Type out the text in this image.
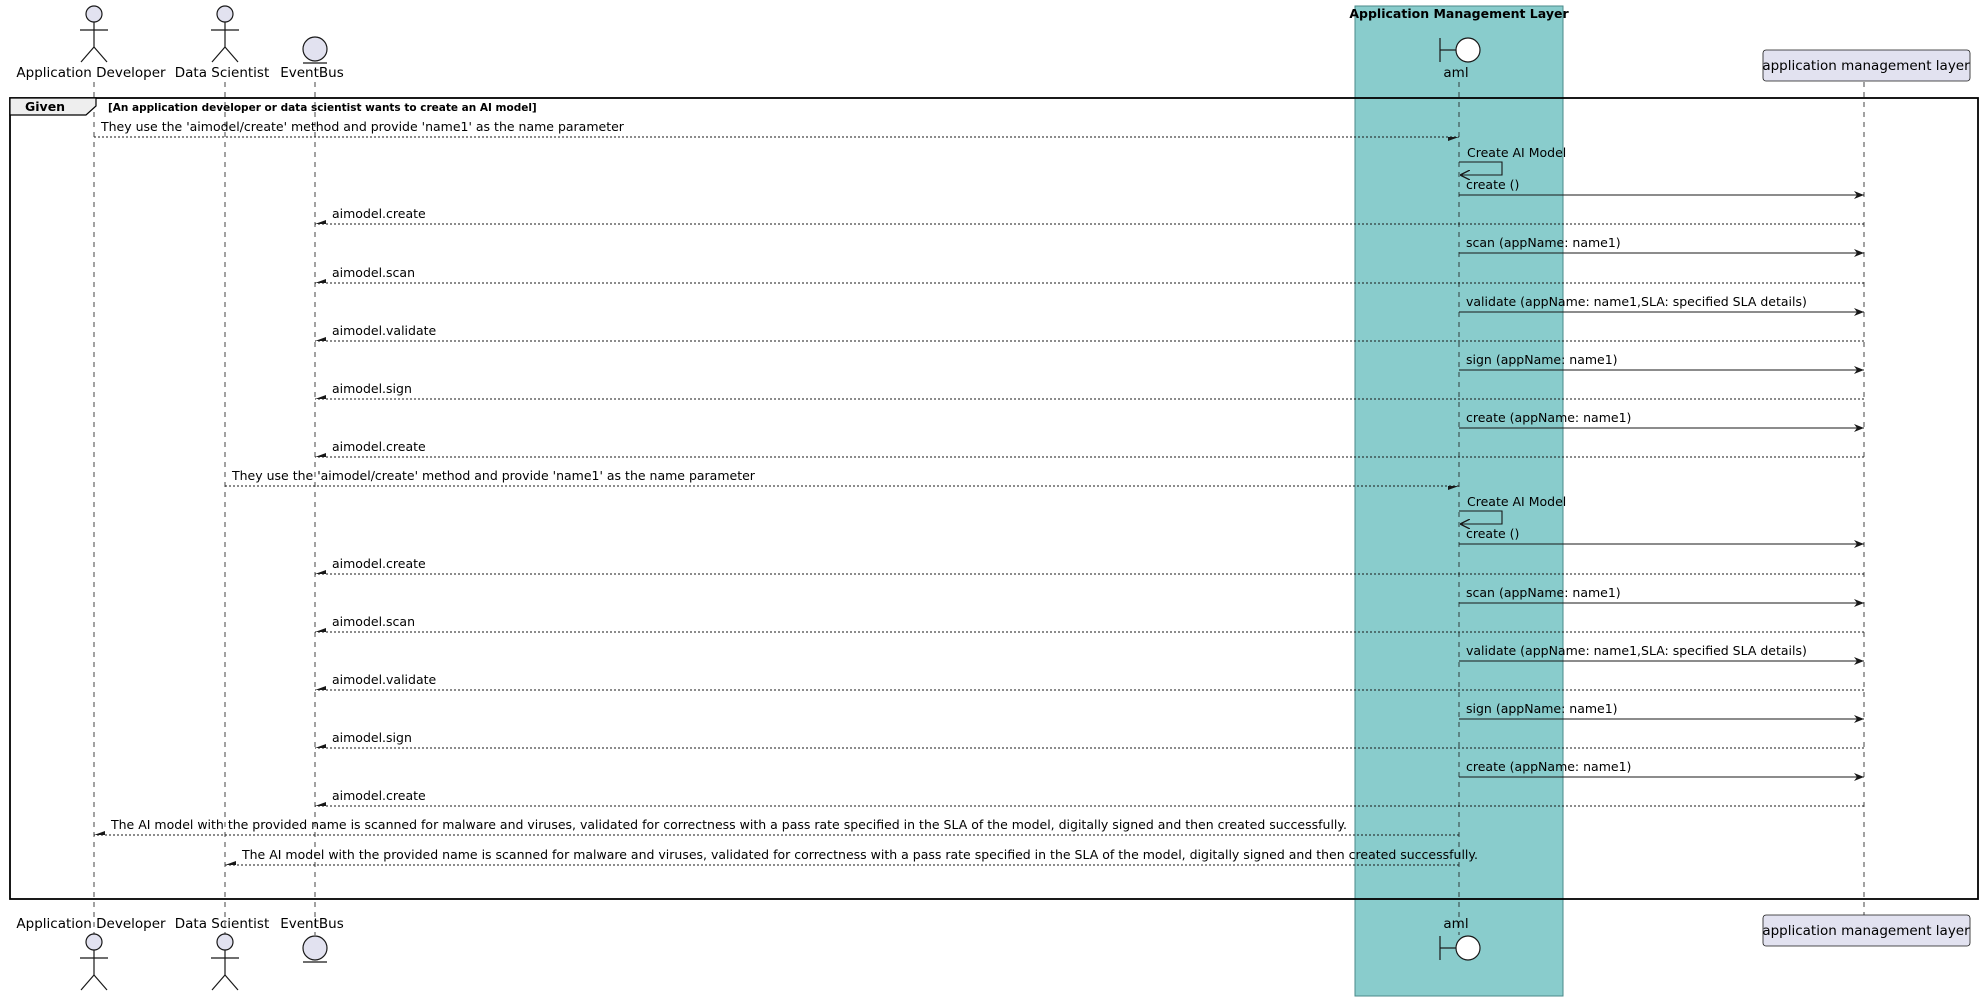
Application Management Layer
Application Developer Data Scientist EventBus	aml	application management layer
Given	[An application developer or data scientist wants to create an AI model]
They use the 'aimodel/create' method and provide 'name1' as the name parameter
Create AI Model
create ()
aimodel.create
scan (appName: name1)
aimodel.scan
validate (appName: name1,SLA: specified SLA details)
aimodel.validate
sign (appName: name1)
aimodel.sign
create (appName: name1)
aimodel.create
They use the 'aimodel/create' method and provide 'name1' as the name parameter
Create AI Model
create ()
aimodel.create
scan (appName: name1)
aimodel.scan
validate (appName: name1,SLA: specified SLA details)
aimodel.validate
sign (appName: name1)
aimodel.sign
create (appName: name1)
aimodel.create
The AI model with the provided name is scanned for malware and viruses, validated for correctness with a pass rate specified in the SLA of the model, digitally signed and then created successfully.
The AI model with the provided name is scanned for malware and viruses, validated for correctness with a pass rate specified in the SLA of the model, digitally signed and then created successfully.
Application Developer Data Scientist EventBus	aml	application management layer
